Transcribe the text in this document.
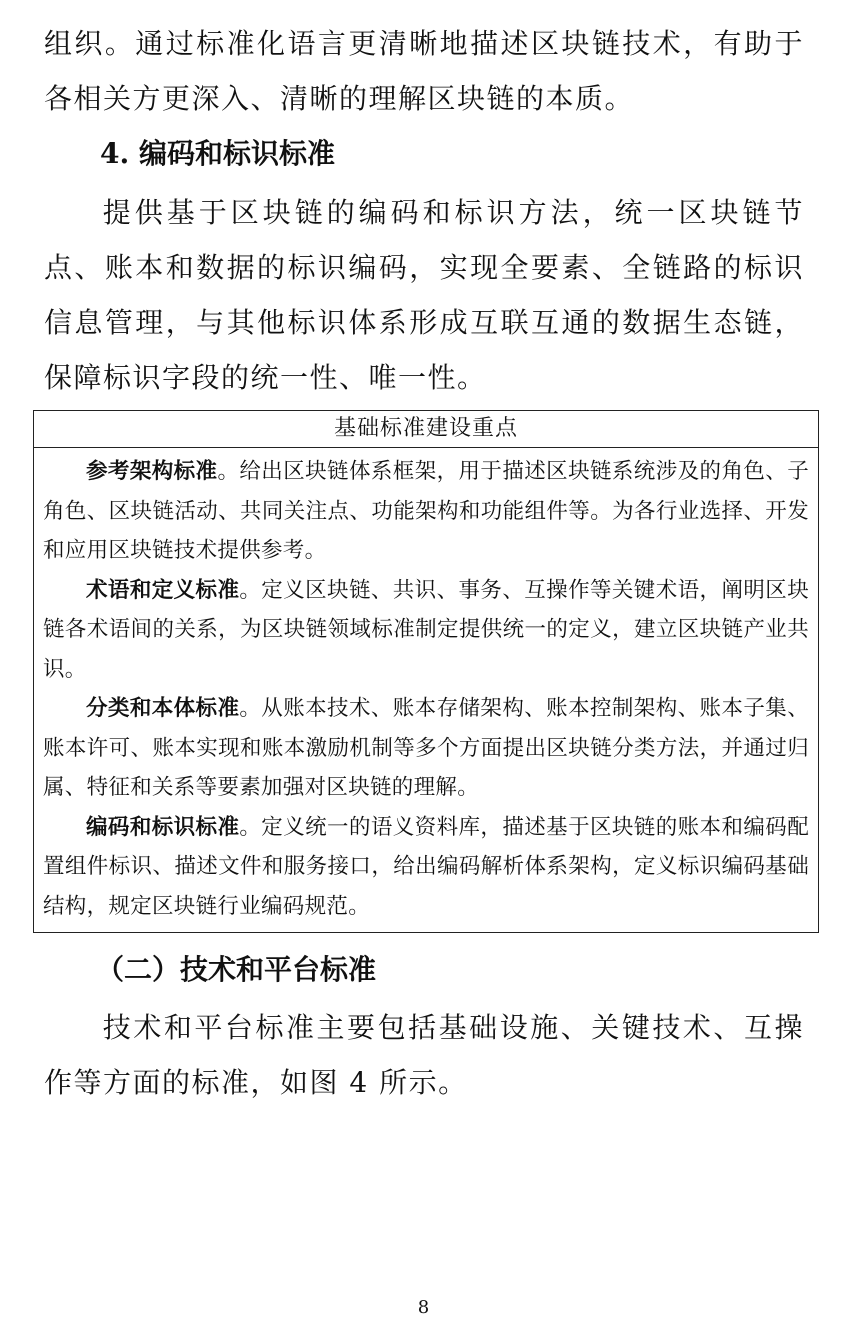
组织。通过标准化语言更清晰地描述区块链技术，有助于各相关方更深入、清晰的理解区块链的本质。

4. 编码和标识标准

提供基于区块链的编码和标识方法，统一区块链节点、账本和数据的标识编码，实现全要素、全链路的标识信息管理，与其他标识体系形成互联互通的数据生态链，保障标识字段的统一性、唯一性。

基础标准建设重点

参考架构标准。给出区块链体系框架，用于描述区块链系统涉及的角色、子角色、区块链活动、共同关注点、功能架构和功能组件等。为各行业选择、开发和应用区块链技术提供参考。

术语和定义标准。定义区块链、共识、事务、互操作等关键术语，阐明区块链各术语间的关系，为区块链领域标准制定提供统一的定义，建立区块链产业共识。

分类和本体标准。从账本技术、账本存储架构、账本控制架构、账本子集、账本许可、账本实现和账本激励机制等多个方面提出区块链分类方法，并通过归属、特征和关系等要素加强对区块链的理解。

编码和标识标准。定义统一的语义资料库，描述基于区块链的账本和编码配置组件标识、描述文件和服务接口，给出编码解析体系架构，定义标识编码基础结构，规定区块链行业编码规范。

（二）技术和平台标准

技术和平台标准主要包括基础设施、关键技术、互操作等方面的标准，如图 4 所示。

8
